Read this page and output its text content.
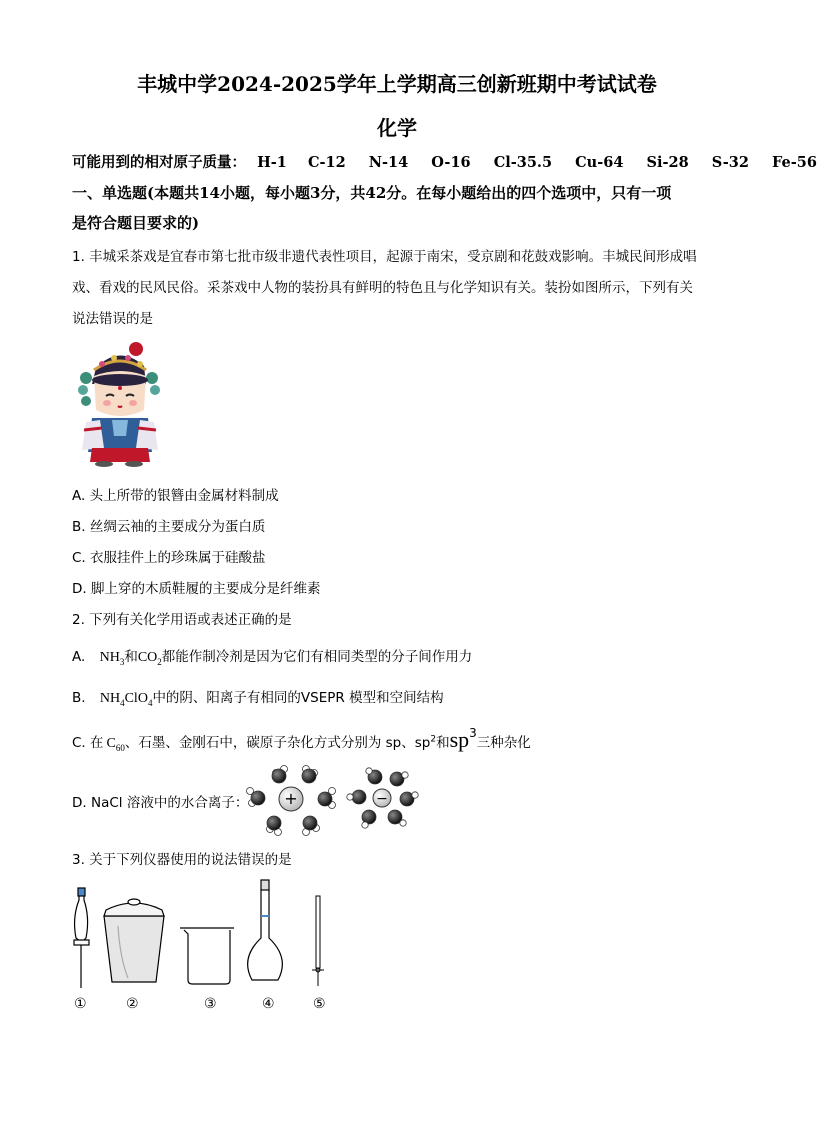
丰城中学2024-2025学年上学期高三创新班期中考试试卷
化学
可能用到的相对原子质量： H-1 C-12 N-14 O-16 Cl-35.5 Cu-64 Si-28 S-32 Fe-56
一、单选题(本题共14小题，每小题3分，共42分。在每小题给出的四个选项中，只有一项
是符合题目要求的)
1. 丰城采茶戏是宜春市第七批市级非遗代表性项目，起源于南宋，受京剧和花鼓戏影响。丰城民间形成唱
戏、看戏的民风民俗。采茶戏中人物的装扮具有鲜明的特色且与化学知识有关。装扮如图所示，下列有关
说法错误的是
A. 头上所带的银簪由金属材料制成
B. 丝绸云袖的主要成分为蛋白质
C. 衣服挂件上的珍珠属于硅酸盐
D. 脚上穿的木质鞋履的主要成分是纤维素
2. 下列有关化学用语或表述正确的是
A. $NH_3$和$CO_2$都能作制冷剂是因为它们有相同类型的分子间作用力
B. $NH_4ClO_4$中的阴、阳离子有相同的VSEPR 模型和空间结构
C. 在 $C_{60}$、石墨、金刚石中，碳原子杂化方式分别为 sp、$sp^2$和$sp^3$三种杂化
D. NaCl 溶液中的水合离子： +	−
3. 关于下列仪器使用的说法错误的是
①	②	③	④	⑤
